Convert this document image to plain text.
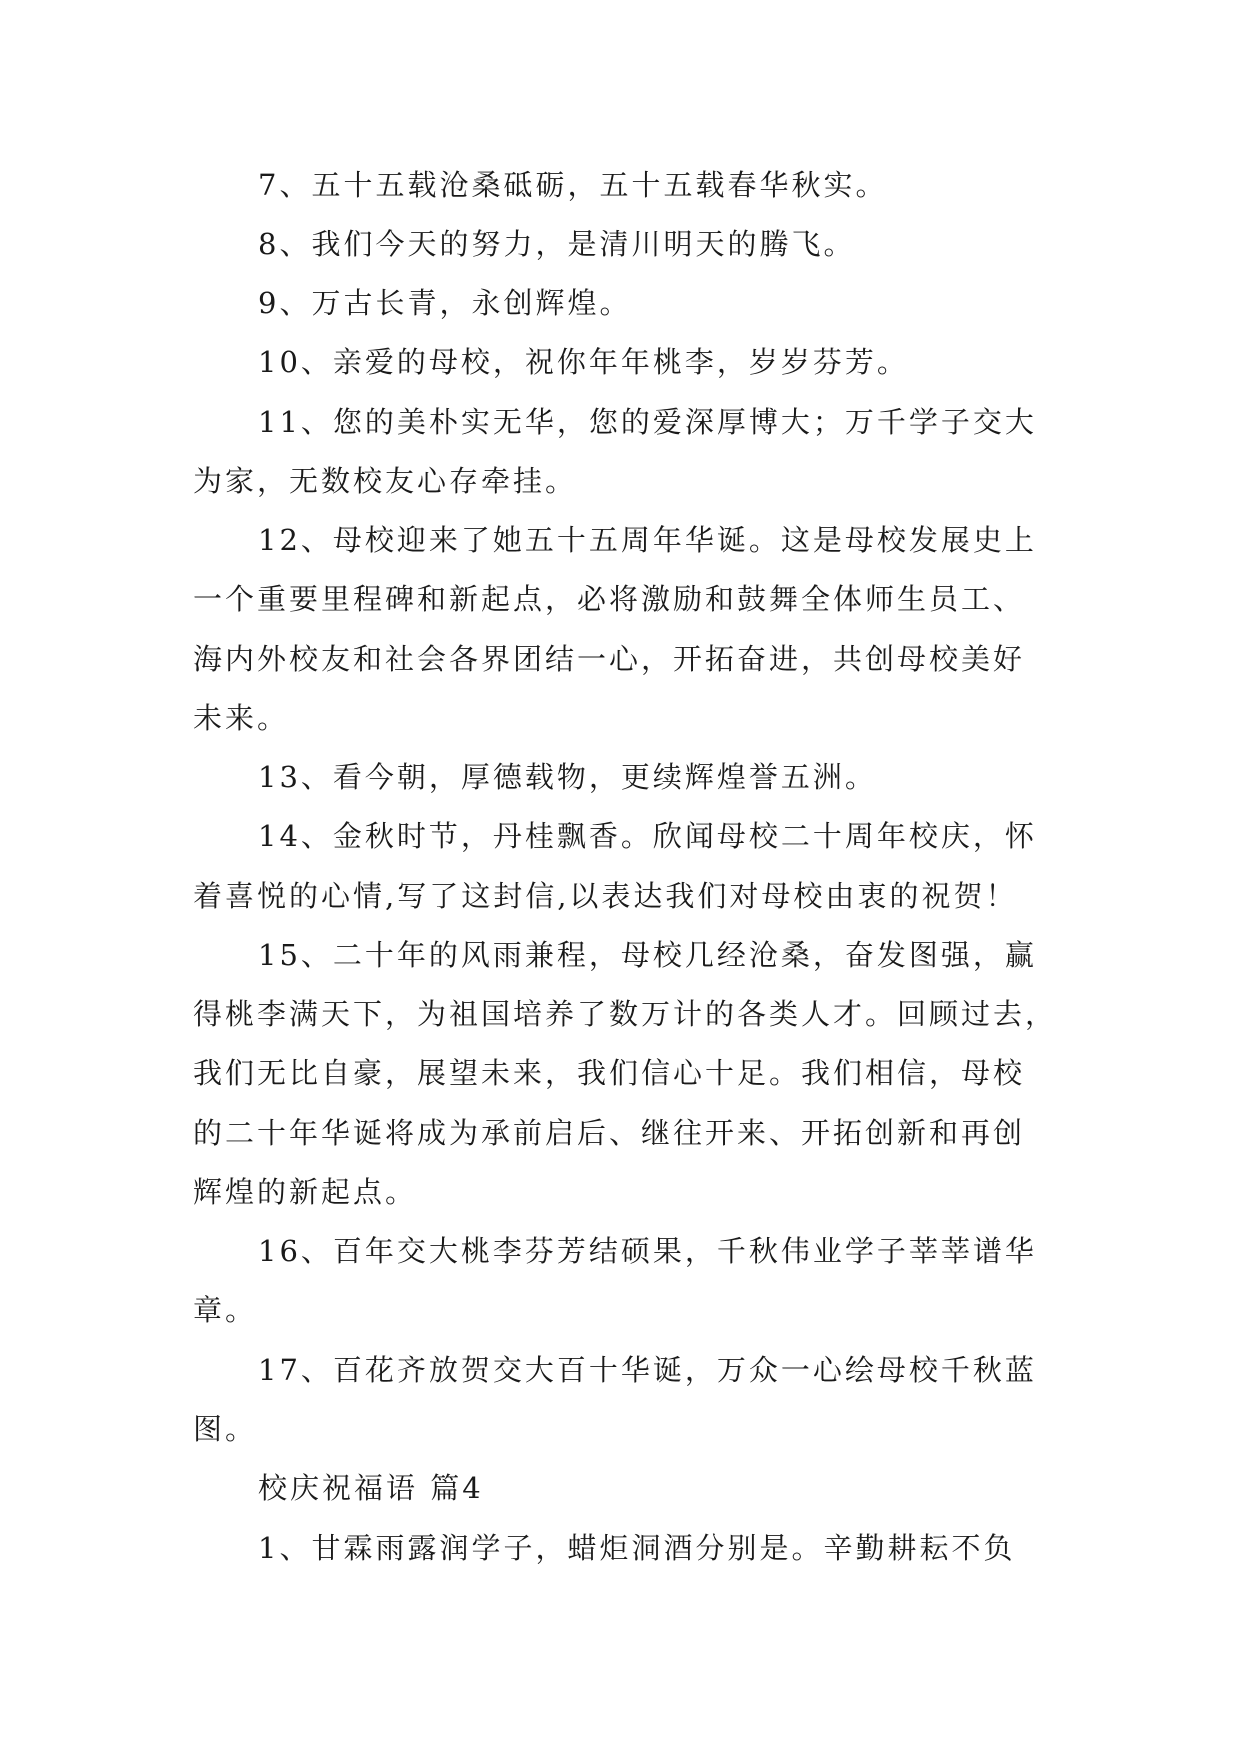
7、五十五载沧桑砥砺，五十五载春华秋实。
8、我们今天的努力，是清川明天的腾飞。
9、万古长青，永创辉煌。
10、亲爱的母校，祝你年年桃李，岁岁芬芳。
11、您的美朴实无华，您的爱深厚博大；万千学子交大
为家，无数校友心存牵挂。
12、母校迎来了她五十五周年华诞。这是母校发展史上
一个重要里程碑和新起点，必将激励和鼓舞全体师生员工、
海内外校友和社会各界团结一心，开拓奋进，共创母校美好
未来。
13、看今朝，厚德载物，更续辉煌誉五洲。
14、金秋时节，丹桂飘香。欣闻母校二十周年校庆，怀
着喜悦的心情,写了这封信,以表达我们对母校由衷的祝贺！
15、二十年的风雨兼程，母校几经沧桑，奋发图强，赢
得桃李满天下，为祖国培养了数万计的各类人才。回顾过去，
我们无比自豪，展望未来，我们信心十足。我们相信，母校
的二十年华诞将成为承前启后、继往开来、开拓创新和再创
辉煌的新起点。
16、百年交大桃李芬芳结硕果，千秋伟业学子莘莘谱华
章。
17、百花齐放贺交大百十华诞，万众一心绘母校千秋蓝
图。
校庆祝福语 篇4
1、甘霖雨露润学子，蜡炬洞酒分别是。辛勤耕耘不负
